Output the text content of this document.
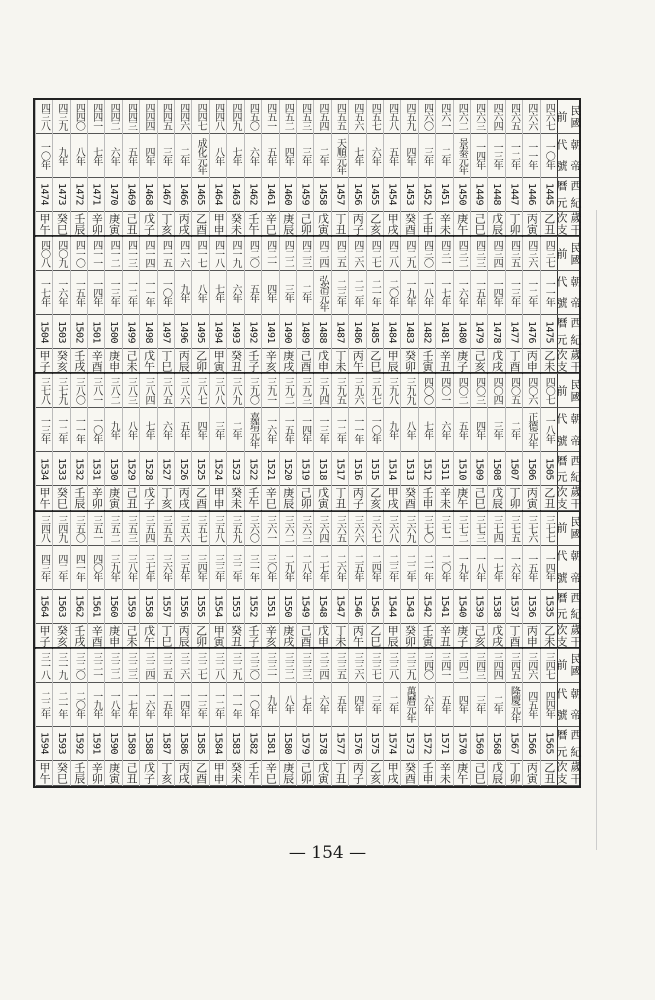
民國前
朝代
帝號
西曆
紀元
歲次
干支
四六七
一〇年
1445
乙丑
四六六
一一年
1446
丙寅
四六五
一二年
1447
丁卯
四六四
一三年
1448
戊辰
四六三
一四年
1449
己巳
四六二
景泰元年
1450
庚午
四六一
二年
1451
辛未
四六〇
三年
1452
壬申
四五九
四年
1453
癸酉
四五八
五年
1454
甲戌
四五七
六年
1455
乙亥
四五六
七年
1456
丙子
四五五
天順元年
1457
丁丑
四五四
二年
1458
戊寅
四五三
三年
1459
己卯
四五二
四年
1460
庚辰
四五一
五年
1461
辛巳
四五〇
六年
1462
壬午
四四九
七年
1463
癸未
四四八
八年
1464
甲申
四四七
成化元年
1465
乙酉
四四六
二年
1466
丙戌
四四五
三年
1467
丁亥
四四四
四年
1468
戊子
四四三
五年
1469
己丑
四四二
六年
1470
庚寅
四四一
七年
1471
辛卯
四四〇
八年
1472
壬辰
四三九
九年
1473
癸巳
四三八
一〇年
1474
甲午
民國前
朝代
帝號
西曆
紀元
歲次
干支
四三七
一一年
1475
乙未
四三六
一二年
1476
丙申
四三五
一三年
1477
丁酉
四三四
一四年
1478
戊戌
四三三
一五年
1479
己亥
四三二
一六年
1480
庚子
四三一
一七年
1481
辛丑
四三〇
一八年
1482
壬寅
四二九
一九年
1483
癸卯
四二八
二〇年
1484
甲辰
四二七
二一年
1485
乙巳
四二六
二二年
1486
丙午
四二五
二三年
1487
丁未
四二四
弘治元年
1488
戊申
四二三
二年
1489
己酉
四二二
三年
1490
庚戌
四二一
四年
1491
辛亥
四二〇
五年
1492
壬子
四一九
六年
1493
癸丑
四一八
七年
1494
甲寅
四一七
八年
1495
乙卯
四一六
九年
1496
丙辰
四一五
一〇年
1497
丁巳
四一四
一一年
1498
戊午
四一三
一二年
1499
己未
四一二
一三年
1500
庚申
四一一
一四年
1501
辛酉
四一〇
一五年
1502
壬戌
四〇九
一六年
1503
癸亥
四〇八
一七年
1504
甲子
民國前
朝代
帝號
西曆
紀元
歲次
干支
四〇七
一八年
1505
乙丑
四〇六
正德元年
1506
丙寅
四〇五
二年
1507
丁卯
四〇四
三年
1508
戊辰
四〇三
四年
1509
己巳
四〇二
五年
1510
庚午
四〇一
六年
1511
辛未
四〇〇
七年
1512
壬申
三九九
八年
1513
癸酉
三九八
九年
1514
甲戌
三九七
一〇年
1515
乙亥
三九六
一一年
1516
丙子
三九五
一二年
1517
丁丑
三九四
一三年
1518
戊寅
三九三
一四年
1519
己卯
三九二
一五年
1520
庚辰
三九一
一六年
1521
辛巳
三九〇
嘉靖元年
1522
壬午
三八九
二年
1523
癸未
三八八
三年
1524
甲申
三八七
四年
1525
乙酉
三八六
五年
1526
丙戌
三八五
六年
1527
丁亥
三八四
七年
1528
戊子
三八三
八年
1529
己丑
三八二
九年
1530
庚寅
三八一
一〇年
1531
辛卯
三八〇
一一年
1532
壬辰
三七九
一二年
1533
癸巳
三七八
一三年
1534
甲午
民國前
朝代
帝號
西曆
紀元
歲次
干支
三七七
一四年
1535
乙未
三七六
一五年
1536
丙申
三七五
一六年
1537
丁酉
三七四
一七年
1538
戊戌
三七三
一八年
1539
己亥
三七二
一九年
1540
庚子
三七一
二〇年
1541
辛丑
三七〇
二一年
1542
壬寅
三六九
二二年
1543
癸卯
三六八
二三年
1544
甲辰
三六七
二四年
1545
乙巳
三六六
二五年
1546
丙午
三六五
二六年
1547
丁未
三六四
二七年
1548
戊申
三六三
二八年
1549
己酉
三六二
二九年
1550
庚戌
三六一
三〇年
1551
辛亥
三六〇
三一年
1552
壬子
三五九
三二年
1553
癸丑
三五八
三三年
1554
甲寅
三五七
三四年
1555
乙卯
三五六
三五年
1556
丙辰
三五五
三六年
1557
丁巳
三五四
三七年
1558
戊午
三五三
三八年
1559
己未
三五二
三九年
1560
庚申
三五一
四〇年
1561
辛酉
三五〇
四一年
1562
壬戌
三四九
四二年
1563
癸亥
三四八
四三年
1564
甲子
民國前
朝代
帝號
西曆
紀元
歲次
干支
三四七
四四年
1565
乙丑
三四六
四五年
1566
丙寅
三四五
隆慶元年
1567
丁卯
三四四
二年
1568
戊辰
三四三
三年
1569
己巳
三四二
四年
1570
庚午
三四一
五年
1571
辛未
三四〇
六年
1572
壬申
三三九
萬曆元年
1573
癸酉
三三八
二年
1574
甲戌
三三七
三年
1575
乙亥
三三六
四年
1576
丙子
三三五
五年
1577
丁丑
三三四
六年
1578
戊寅
三三三
七年
1579
己卯
三三二
八年
1580
庚辰
三三一
九年
1581
辛巳
三三〇
一〇年
1582
壬午
三二九
一一年
1583
癸未
三二八
一二年
1584
甲申
三二七
一三年
1585
乙酉
三二六
一四年
1586
丙戌
三二五
一五年
1587
丁亥
三二四
一六年
1588
戊子
三二三
一七年
1589
己丑
三二二
一八年
1590
庚寅
三二一
一九年
1591
辛卯
三二〇
二〇年
1592
壬辰
三一九
二一年
1593
癸巳
三一八
二二年
1594
甲午
— 154 —
